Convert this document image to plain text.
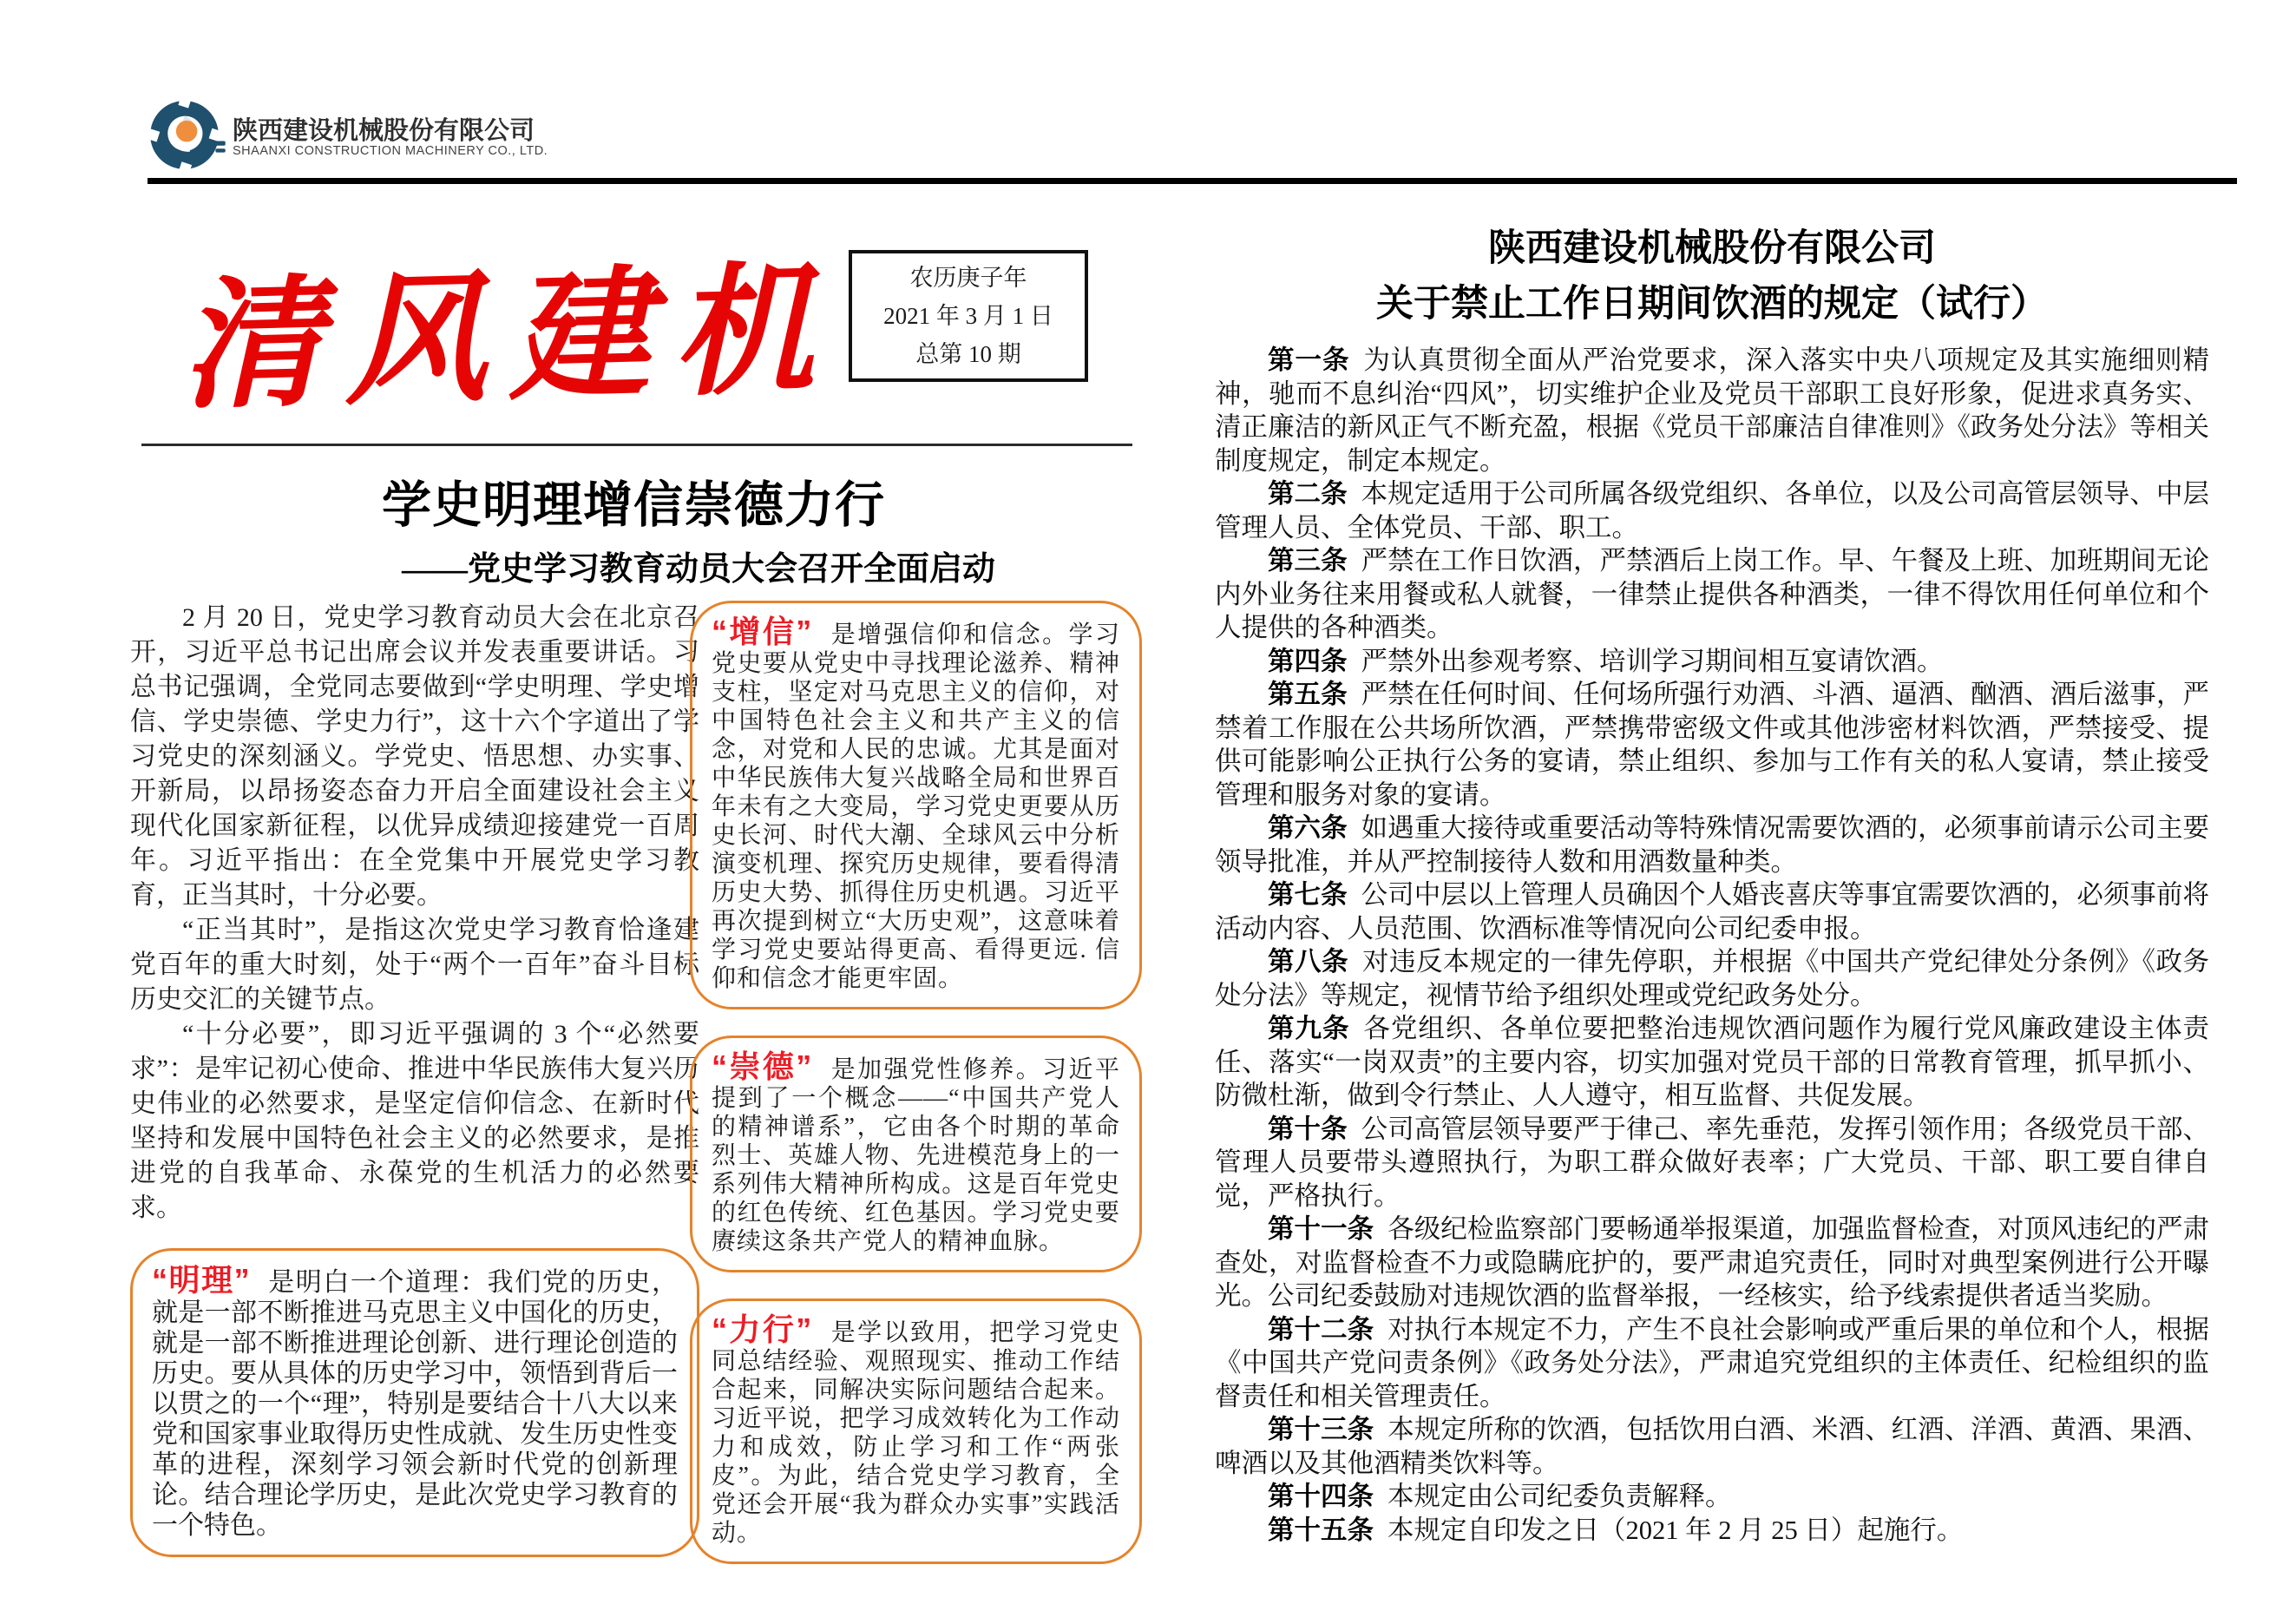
陕西建设机械股份有限公司
SHAANXI CONSTRUCTION MACHINERY CO., LTD.
清风建机	农历庚子年
2021 年 3 月 1 日
总第 10 期
学史明理增信崇德力行
——党史学习教育动员大会召开全面启动

2 月 20 日，党史学习教育动员大会在北京召开，习近平总书记出席会议并发表重要讲话。习总书记强调，全党同志要做到“学史明理、学史增信、学史崇德、学史力行”，这十六个字道出了学习党史的深刻涵义。学党史、悟思想、办实事、开新局，以昂扬姿态奋力开启全面建设社会主义现代化国家新征程，以优异成绩迎接建党一百周年。习近平指出：在全党集中开展党史学习教育，正当其时，十分必要。

“正当其时”，是指这次党史学习教育恰逢建党百年的重大时刻，处于“两个一百年”奋斗目标历史交汇的关键节点。

“十分必要”，即习近平强调的 3 个“必然要求”：是牢记初心使命、推进中华民族伟大复兴历史伟业的必然要求，是坚定信仰信念、在新时代坚持和发展中国特色社会主义的必然要求，是推进党的自我革命、永葆党的生机活力的必然要求。

“明理” 是明白一个道理：我们党的历史，就是一部不断推进马克思主义中国化的历史，就是一部不断推进理论创新、进行理论创造的历史。要从具体的历史学习中，领悟到背后一以贯之的一个“理”，特别是要结合十八大以来党和国家事业取得历史性成就、发生历史性变革的进程，深刻学习领会新时代党的创新理论。结合理论学历史，是此次党史学习教育的一个特色。
“增信” 是增强信仰和信念。学习党史要从党史中寻找理论滋养、精神支柱，坚定对马克思主义的信仰，对中国特色社会主义和共产主义的信念，对党和人民的忠诚。尤其是面对中华民族伟大复兴战略全局和世界百年未有之大变局，学习党史更要从历史长河、时代大潮、全球风云中分析演变机理、探究历史规律，要看得清历史大势、抓得住历史机遇。习近平再次提到树立“大历史观”，这意味着学习党史要站得更高、看得更远. 信仰和信念才能更牢固。
“崇德” 是加强党性修养。习近平提到了一个概念——“中国共产党人的精神谱系”，它由各个时期的革命烈士、英雄人物、先进模范身上的一系列伟大精神所构成。这是百年党史的红色传统、红色基因。学习党史要赓续这条共产党人的精神血脉。
“力行” 是学以致用，把学习党史同总结经验、观照现实、推动工作结合起来，同解决实际问题结合起来。习近平说，把学习成效转化为工作动力和成效，防止学习和工作“两张皮”。为此，结合党史学习教育，全党还会开展“我为群众办实事”实践活动。
陕西建设机械股份有限公司
关于禁止工作日期间饮酒的规定（试行）

第一条 为认真贯彻全面从严治党要求，深入落实中央八项规定及其实施细则精神，驰而不息纠治“四风”，切实维护企业及党员干部职工良好形象，促进求真务实、清正廉洁的新风正气不断充盈，根据《党员干部廉洁自律准则》《政务处分法》等相关制度规定，制定本规定。

第二条 本规定适用于公司所属各级党组织、各单位，以及公司高管层领导、中层管理人员、全体党员、干部、职工。

第三条 严禁在工作日饮酒，严禁酒后上岗工作。早、午餐及上班、加班期间无论内外业务往来用餐或私人就餐，一律禁止提供各种酒类，一律不得饮用任何单位和个人提供的各种酒类。

第四条 严禁外出参观考察、培训学习期间相互宴请饮酒。

第五条 严禁在任何时间、任何场所强行劝酒、斗酒、逼酒、酗酒、酒后滋事，严禁着工作服在公共场所饮酒，严禁携带密级文件或其他涉密材料饮酒，严禁接受、提供可能影响公正执行公务的宴请，禁止组织、参加与工作有关的私人宴请，禁止接受管理和服务对象的宴请。

第六条 如遇重大接待或重要活动等特殊情况需要饮酒的，必须事前请示公司主要领导批准，并从严控制接待人数和用酒数量种类。

第七条 公司中层以上管理人员确因个人婚丧喜庆等事宜需要饮酒的，必须事前将活动内容、人员范围、饮酒标准等情况向公司纪委申报。

第八条 对违反本规定的一律先停职，并根据《中国共产党纪律处分条例》《政务处分法》等规定，视情节给予组织处理或党纪政务处分。

第九条 各党组织、各单位要把整治违规饮酒问题作为履行党风廉政建设主体责任、落实“一岗双责”的主要内容，切实加强对党员干部的日常教育管理，抓早抓小、防微杜渐，做到令行禁止、人人遵守，相互监督、共促发展。

第十条 公司高管层领导要严于律己、率先垂范，发挥引领作用；各级党员干部、管理人员要带头遵照执行，为职工群众做好表率；广大党员、干部、职工要自律自觉，严格执行。

第十一条 各级纪检监察部门要畅通举报渠道，加强监督检查，对顶风违纪的严肃查处，对监督检查不力或隐瞒庇护的，要严肃追究责任，同时对典型案例进行公开曝光。公司纪委鼓励对违规饮酒的监督举报，一经核实，给予线索提供者适当奖励。

第十二条 对执行本规定不力，产生不良社会影响或严重后果的单位和个人，根据《中国共产党问责条例》《政务处分法》，严肃追究党组织的主体责任、纪检组织的监督责任和相关管理责任。

第十三条 本规定所称的饮酒，包括饮用白酒、米酒、红酒、洋酒、黄酒、果酒、啤酒以及其他酒精类饮料等。

第十四条 本规定由公司纪委负责解释。

第十五条 本规定自印发之日（2021 年 2 月 25 日）起施行。
